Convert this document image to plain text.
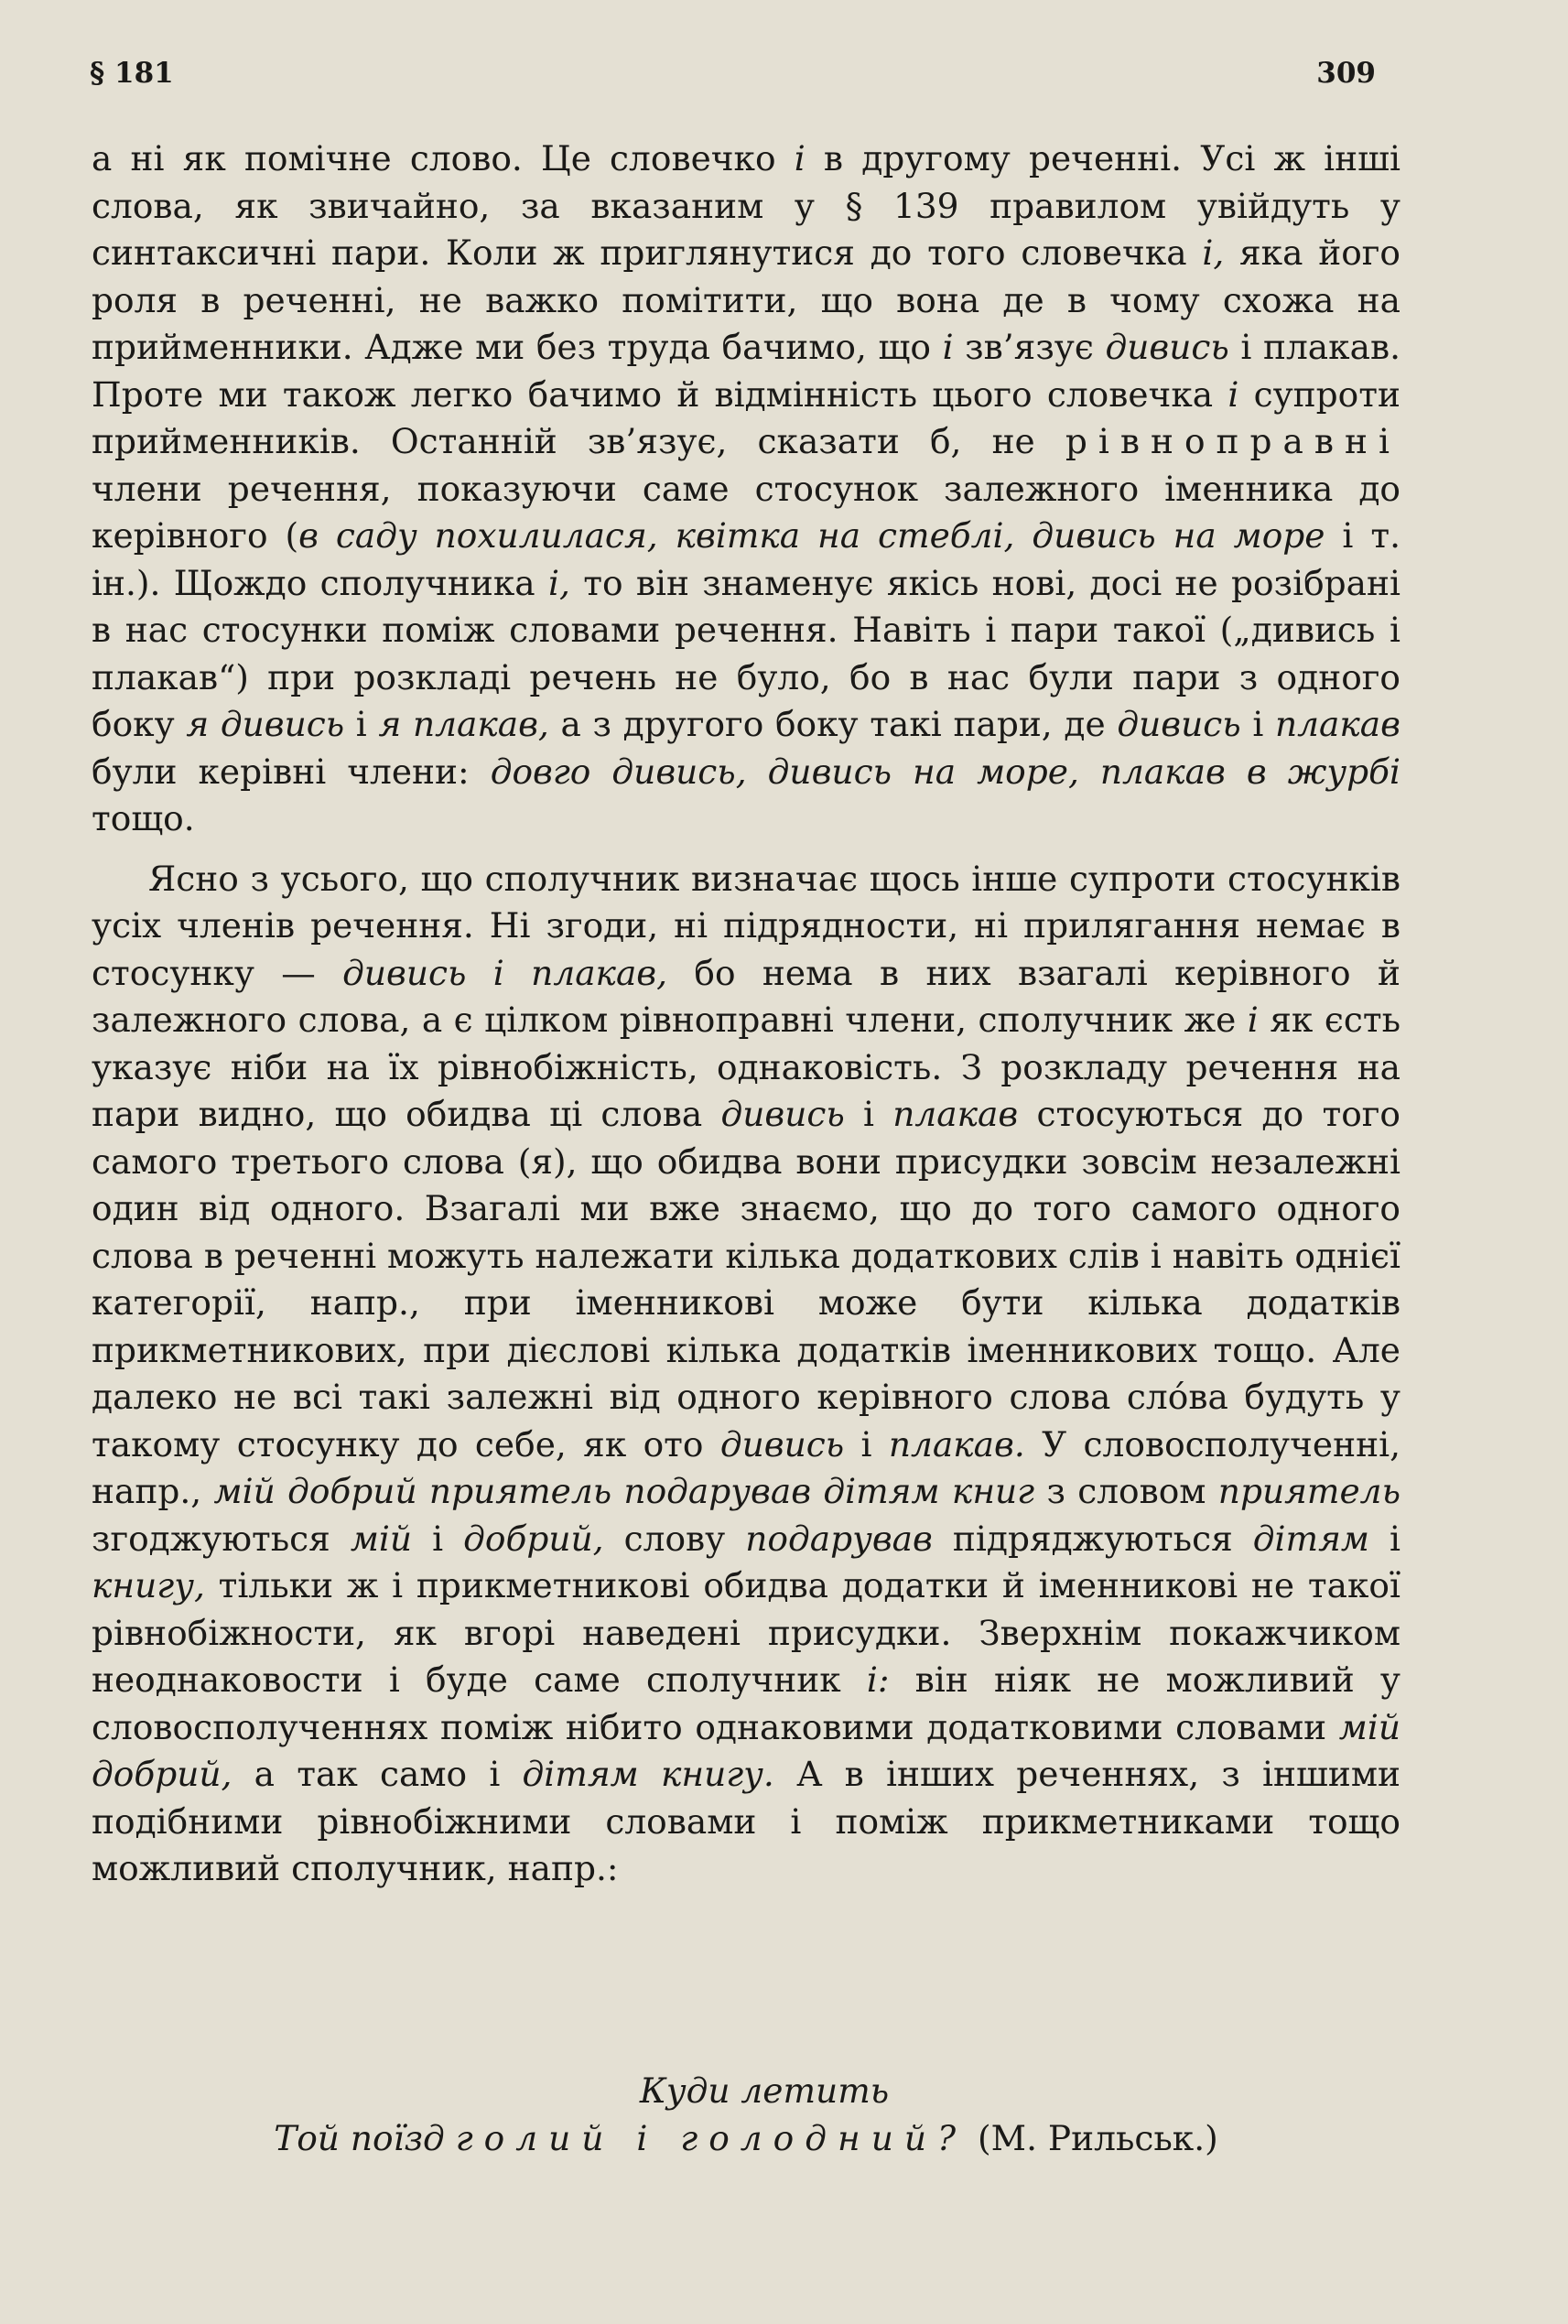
§ 181	309

а ні як помічне слово. Це словечко і в другому реченні. Усі ж інші слова, як звичайно, за вказаним у § 139 правилом увійдуть у синтаксичні пари. Коли ж приглянутися до того словечка і, яка його роля в реченні, не важко помітити, що вона де в чому схожа на прийменники. Адже ми без труда бачимо, що і зв’язує дивись і плакав. Проте ми також легко бачимо й відмінність цього словечка і супроти прийменників. Останній зв’язує, сказати б, не рівноправні члени речення, показуючи саме стосунок залежного іменника до керівного (в саду похилилася, квітка на стеблі, дивись на море і т. ін.). Щождо сполучника і, то він знаменує якісь нові, досі не розібрані в нас стосунки поміж словами речення. Навіть і пари такої („дивись і плакав“) при розкладі речень не було, бо в нас були пари з одного боку я дивись і я плакав, а з другого боку такі пари, де дивись і плакав були керівні члени: довго дивись, дивись на море, плакав в журбі тощо.

Ясно з усього, що сполучник визначає щось інше супроти стосунків усіх членів речення. Ні згоди, ні підрядности, ні прилягання немає в стосунку — дивись і плакав, бо нема в них взагалі керівного й залежного слова, а є цілком рівноправні члени, сполучник же і як єсть указує ніби на їх рівнобіжність, однаковість. З розкладу речення на пари видно, що обидва ці слова дивись і плакав стосуються до того самого третього слова (я), що обидва вони присудки зовсім незалежні один від одного. Взагалі ми вже знаємо, що до того самого одного слова в реченні можуть належати кілька додаткових слів і навіть однієї категорії, напр., при іменникові може бути кілька додатків прикметникових, при дієслові кілька додатків іменникових тощо. Але далеко не всі такі залежні від одного керівного слова сло́ва будуть у такому стосунку до себе, як ото дивись і плакав. У словосполученні, напр., мій добрий приятель подарував дітям книг з словом приятель згоджуються мій і добрий, слову подарував підряджуються дітям і книгу, тільки ж і прикметникові обидва додатки й іменникові не такої рівнобіжности, як вгорі наведені присудки. Зверхнім покажчиком неоднаковости і буде саме сполучник і: він ніяк не можливий у словосполученнях поміж нібито однаковими додатковими словами мій добрий, а так само і дітям книгу. А в інших реченнях, з іншими подібними рівнобіжними словами і поміж прикметниками тощо можливий сполучник, напр.:

Куди летить
Той поїзд голий і голодний? (М. Рильськ.)
